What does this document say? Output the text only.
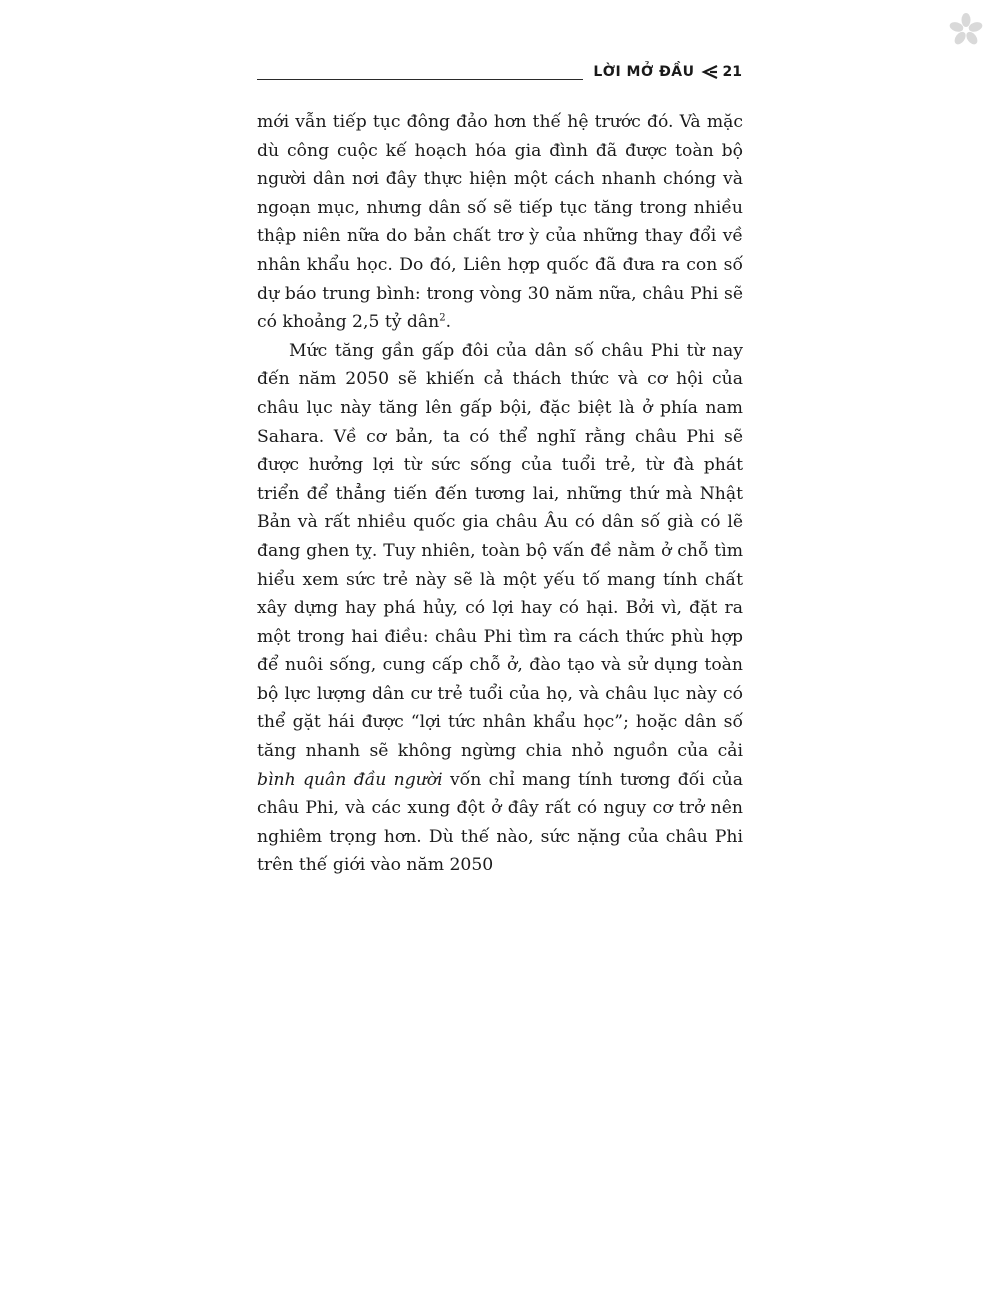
LỜI MỞ ĐẦU 21

mới vẫn tiếp tục đông đảo hơn thế hệ trước đó. Và mặc dù công cuộc kế hoạch hóa gia đình đã được toàn bộ người dân nơi đây thực hiện một cách nhanh chóng và ngoạn mục, nhưng dân số sẽ tiếp tục tăng trong nhiều thập niên nữa do bản chất trơ ỳ của những thay đổi về nhân khẩu học. Do đó, Liên hợp quốc đã đưa ra con số dự báo trung bình: trong vòng 30 năm nữa, châu Phi sẽ có khoảng 2,5 tỷ dân$^2$.

Mức tăng gần gấp đôi của dân số châu Phi từ nay đến năm 2050 sẽ khiến cả thách thức và cơ hội của châu lục này tăng lên gấp bội, đặc biệt là ở phía nam Sahara. Về cơ bản, ta có thể nghĩ rằng châu Phi sẽ được hưởng lợi từ sức sống của tuổi trẻ, từ đà phát triển để thẳng tiến đến tương lai, những thứ mà Nhật Bản và rất nhiều quốc gia châu Âu có dân số già có lẽ đang ghen tỵ. Tuy nhiên, toàn bộ vấn đề nằm ở chỗ tìm hiểu xem sức trẻ này sẽ là một yếu tố mang tính chất xây dựng hay phá hủy, có lợi hay có hại. Bởi vì, đặt ra một trong hai điều: châu Phi tìm ra cách thức phù hợp để nuôi sống, cung cấp chỗ ở, đào tạo và sử dụng toàn bộ lực lượng dân cư trẻ tuổi của họ, và châu lục này có thể gặt hái được “lợi tức nhân khẩu học”; hoặc dân số tăng nhanh sẽ không ngừng chia nhỏ nguồn của cải bình quân đầu người vốn chỉ mang tính tương đối của châu Phi, và các xung đột ở đây rất có nguy cơ trở nên nghiêm trọng hơn. Dù thế nào, sức nặng của châu Phi trên thế giới vào năm 2050
